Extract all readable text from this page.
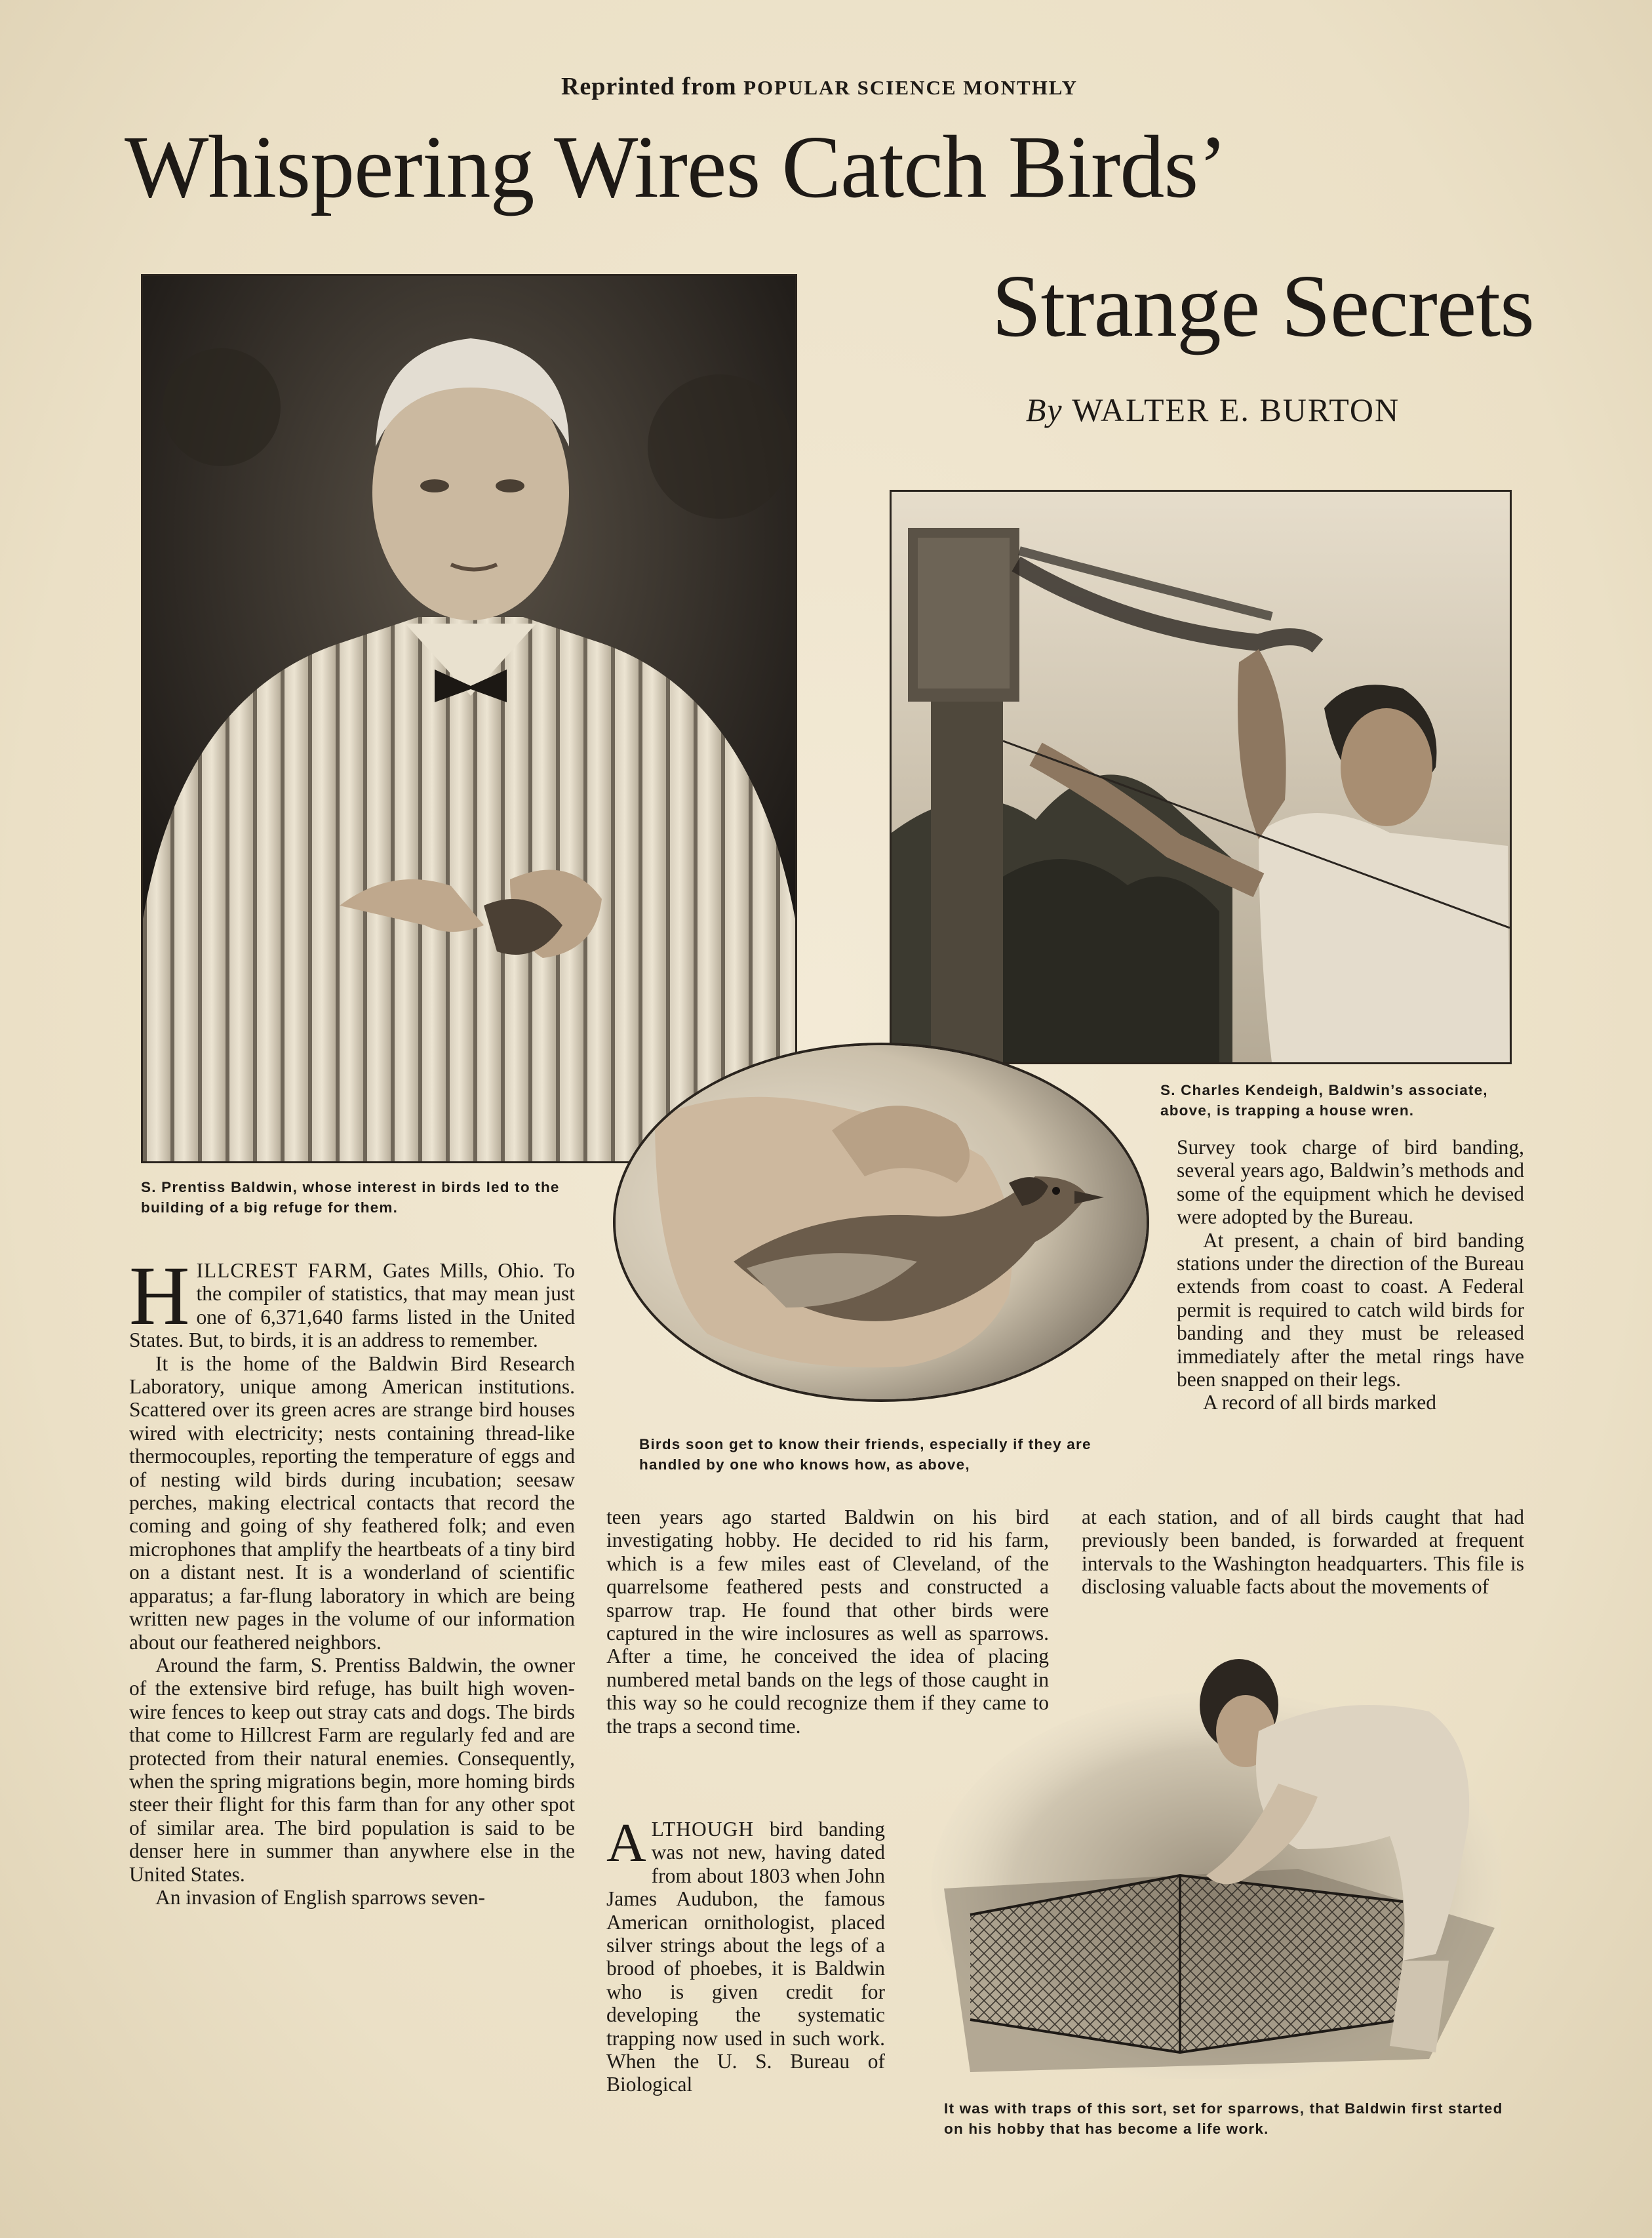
Reprinted from POPULAR SCIENCE MONTHLY
Whispering Wires Catch Birds’
Strange Secrets
By WALTER E. BURTON
S. Prentiss Baldwin, whose interest in birds led to the building of a big refuge for them.
S. Charles Kendeigh, Baldwin’s associate, above, is trapping a house wren.
Birds soon get to know their friends, especially if they are handled by one who knows how, as above,

HILLCREST FARM, Gates Mills, Ohio. To the compiler of statistics, that may mean just one of 6,371,640 farms listed in the United States. But, to birds, it is an address to remember.

It is the home of the Baldwin Bird Research Laboratory, unique among American institutions. Scattered over its green acres are strange bird houses wired with electricity; nests containing thread-like thermocouples, reporting the temperature of eggs and of nesting wild birds during incubation; seesaw perches, making electrical contacts that record the coming and going of shy feathered folk; and even microphones that amplify the heartbeats of a tiny bird on a distant nest. It is a wonderland of scientific apparatus; a far-flung laboratory in which are being written new pages in the volume of our information about our feathered neighbors.

Around the farm, S. Prentiss Baldwin, the owner of the extensive bird refuge, has built high woven-wire fences to keep out stray cats and dogs. The birds that come to Hillcrest Farm are regularly fed and are protected from their natural enemies. Consequently, when the spring migrations begin, more homing birds steer their flight for this farm than for any other spot of similar area. The bird population is said to be denser here in summer than anywhere else in the United States.

An invasion of English sparrows seven-

teen years ago started Baldwin on his bird investigating hobby. He decided to rid his farm, which is a few miles east of Cleveland, of the quarrelsome feathered pests and constructed a sparrow trap. He found that other birds were captured in the wire inclosures as well as sparrows. After a time, he conceived the idea of placing numbered metal bands on the legs of those caught in this way so he could recognize them if they came to the traps a second time.

ALTHOUGH bird banding was not new, having dated from about 1803 when John James Audubon, the famous American ornithologist, placed silver strings about the legs of a brood of phoebes, it is Baldwin who is given credit for developing the systematic trapping now used in such work. When the U. S. Bureau of Biological

Survey took charge of bird banding, several years ago, Baldwin’s methods and some of the equipment which he devised were adopted by the Bureau.

At present, a chain of bird banding stations under the direction of the Bureau extends from coast to coast. A Federal permit is required to catch wild birds for banding and they must be released immediately after the metal rings have been snapped on their legs.

A record of all birds marked

at each station, and of all birds caught that had previously been banded, is forwarded at frequent intervals to the Washington headquarters. This file is disclosing valuable facts about the movements of

It was with traps of this sort, set for sparrows, that Baldwin first started on his hobby that has become a life work.
